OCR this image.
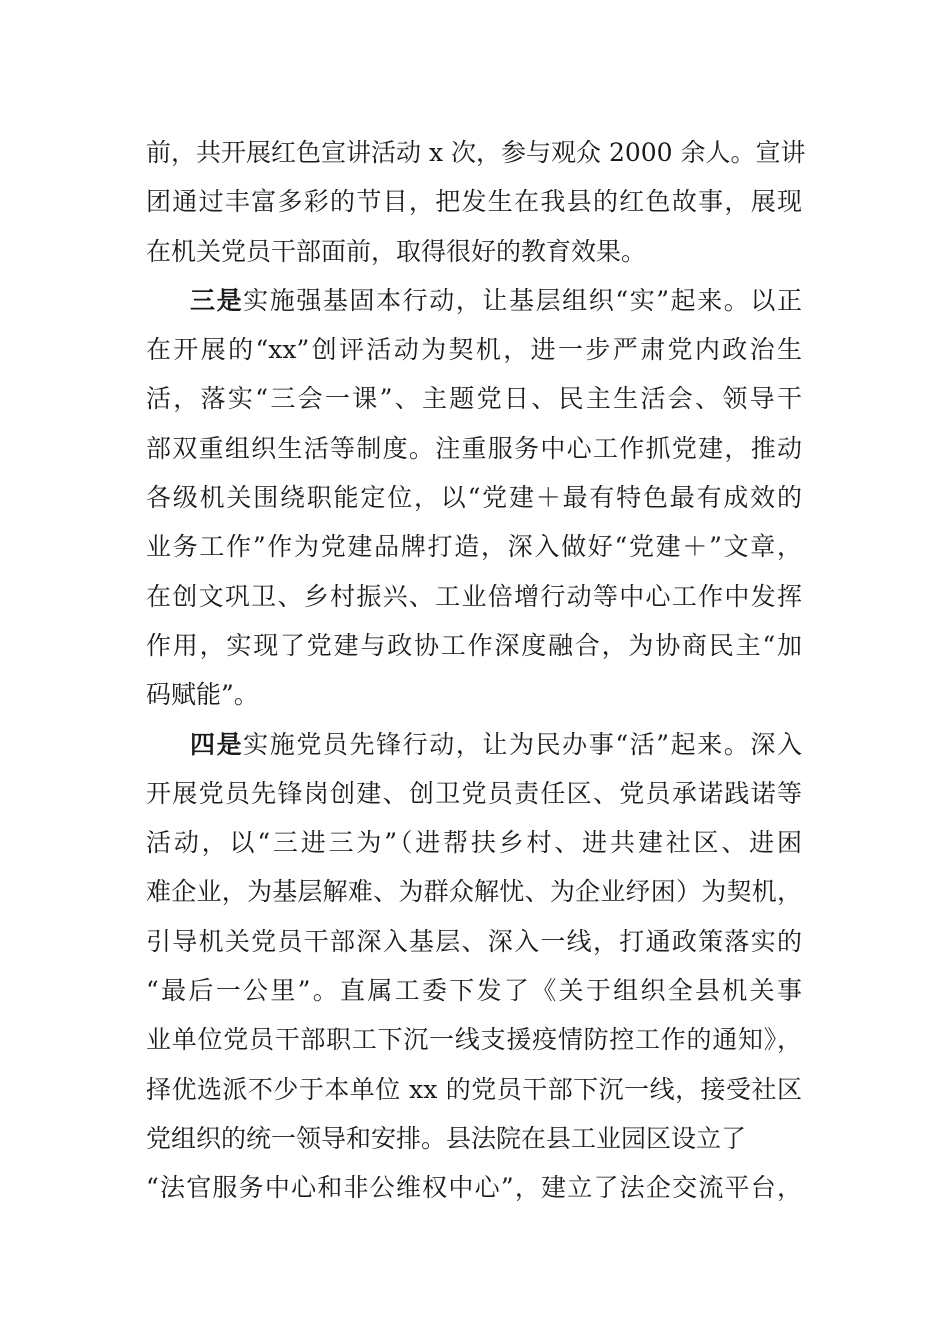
前，共开展红色宣讲活动 x 次，参与观众 2000 余人。宣讲
团通过丰富多彩的节目，把发生在我县的红色故事，展现
在机关党员干部面前，取得很好的教育效果。
三是实施强基固本行动，让基层组织“实”起来。以正
在开展的“xx”创评活动为契机，进一步严肃党内政治生
活，落实“三会一课”、主题党日、民主生活会、领导干
部双重组织生活等制度。注重服务中心工作抓党建，推动
各级机关围绕职能定位，以“党建＋最有特色最有成效的
业务工作”作为党建品牌打造，深入做好“党建＋”文章，
在创文巩卫、乡村振兴、工业倍增行动等中心工作中发挥
作用，实现了党建与政协工作深度融合，为协商民主“加
码赋能”。
四是实施党员先锋行动，让为民办事“活”起来。深入
开展党员先锋岗创建、创卫党员责任区、党员承诺践诺等
活动，以“三进三为”（进帮扶乡村、进共建社区、进困
难企业，为基层解难、为群众解忧、为企业纾困）为契机，
引导机关党员干部深入基层、深入一线，打通政策落实的
“最后一公里”。直属工委下发了《关于组织全县机关事
业单位党员干部职工下沉一线支援疫情防控工作的通知》，
择优选派不少于本单位 xx 的党员干部下沉一线，接受社区
党组织的统一领导和安排。县法院在县工业园区设立了
“法官服务中心和非公维权中心”，建立了法企交流平台，
